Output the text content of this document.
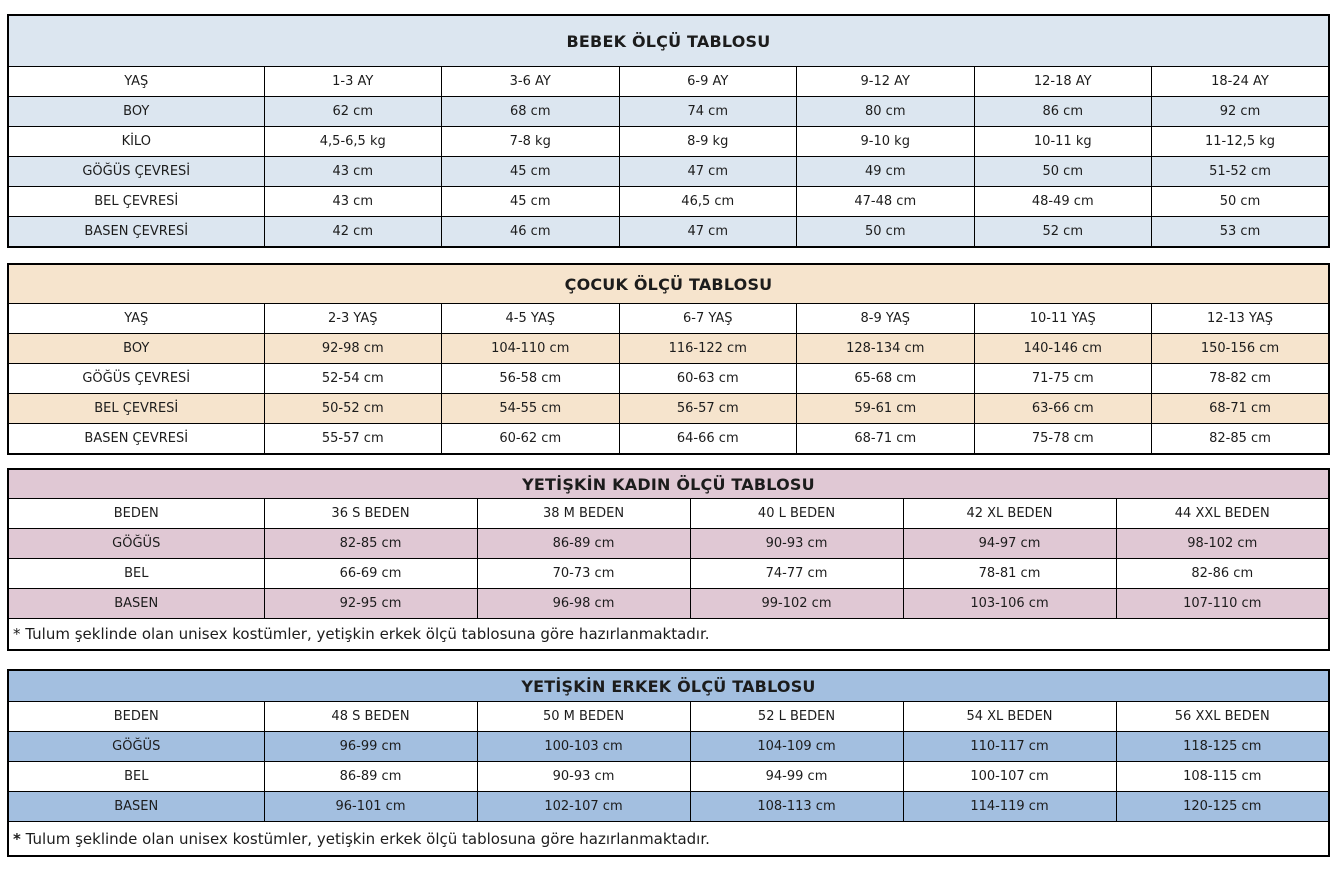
BEBEK ÖLÇÜ TABLOSU						
YAŞ	1-3 AY	3-6 AY	6-9 AY	9-12 AY	12-18 AY	18-24 AY
BOY	62 cm	68 cm	74 cm	80 cm	86 cm	92 cm
KİLO	4,5-6,5 kg	7-8 kg	8-9 kg	9-10 kg	10-11 kg	11-12,5 kg
GÖĞÜS ÇEVRESİ	43 cm	45 cm	47 cm	49 cm	50 cm	51-52 cm
BEL ÇEVRESİ	43 cm	45 cm	46,5 cm	47-48 cm	48-49 cm	50 cm
BASEN ÇEVRESİ	42 cm	46 cm	47 cm	50 cm	52 cm	53 cm
ÇOCUK ÖLÇÜ TABLOSU						
YAŞ	2-3 YAŞ	4-5 YAŞ	6-7 YAŞ	8-9 YAŞ	10-11 YAŞ	12-13 YAŞ
BOY	92-98 cm	104-110 cm	116-122 cm	128-134 cm	140-146 cm	150-156 cm
GÖĞÜS ÇEVRESİ	52-54 cm	56-58 cm	60-63 cm	65-68 cm	71-75 cm	78-82 cm
BEL ÇEVRESİ	50-52 cm	54-55 cm	56-57 cm	59-61 cm	63-66 cm	68-71 cm
BASEN ÇEVRESİ	55-57 cm	60-62 cm	64-66 cm	68-71 cm	75-78 cm	82-85 cm
YETİŞKİN KADIN ÖLÇÜ TABLOSU					
BEDEN	36 S BEDEN	38 M BEDEN	40 L BEDEN	42 XL BEDEN	44 XXL BEDEN
GÖĞÜS	82-85 cm	86-89 cm	90-93 cm	94-97 cm	98-102 cm
BEL	66-69 cm	70-73 cm	74-77 cm	78-81 cm	82-86 cm
BASEN	92-95 cm	96-98 cm	99-102 cm	103-106 cm	107-110 cm
* Tulum şeklinde olan unisex kostümler, yetişkin erkek ölçü tablosuna göre hazırlanmaktadır.					
YETİŞKİN ERKEK ÖLÇÜ TABLOSU					
BEDEN	48 S BEDEN	50 M BEDEN	52 L BEDEN	54 XL BEDEN	56 XXL BEDEN
GÖĞÜS	96-99 cm	100-103 cm	104-109 cm	110-117 cm	118-125 cm
BEL	86-89 cm	90-93 cm	94-99 cm	100-107 cm	108-115 cm
BASEN	96-101 cm	102-107 cm	108-113 cm	114-119 cm	120-125 cm
* Tulum şeklinde olan unisex kostümler, yetişkin erkek ölçü tablosuna göre hazırlanmaktadır.					
